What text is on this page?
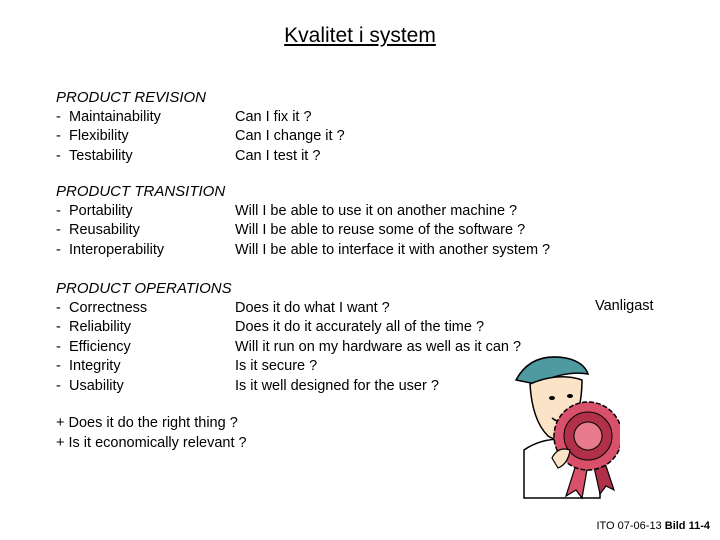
Kvalitet i system
PRODUCT REVISION
- Maintainability	Can I fix it ?
- Flexibility	Can I change it ?
- Testability	Can I test it ?
PRODUCT TRANSITION
- Portability	Will I be able to use it on another machine ?
- Reusability	Will I be able to reuse some of the software ?
- Interoperability	Will I be able to interface it with another system ?
PRODUCT OPERATIONS
- Correctness	Does it do what I want ?
- Reliability	Does it do it accurately all of the time ?
- Efficiency	Will it run on my hardware as well as it can ?
- Integrity	Is it secure ?
- Usability	Is it well designed for the user ?
Vanligast
+ Does it do the right thing ?
+ Is it economically relevant ?
ITO 07-06-13 Bild 11-4
